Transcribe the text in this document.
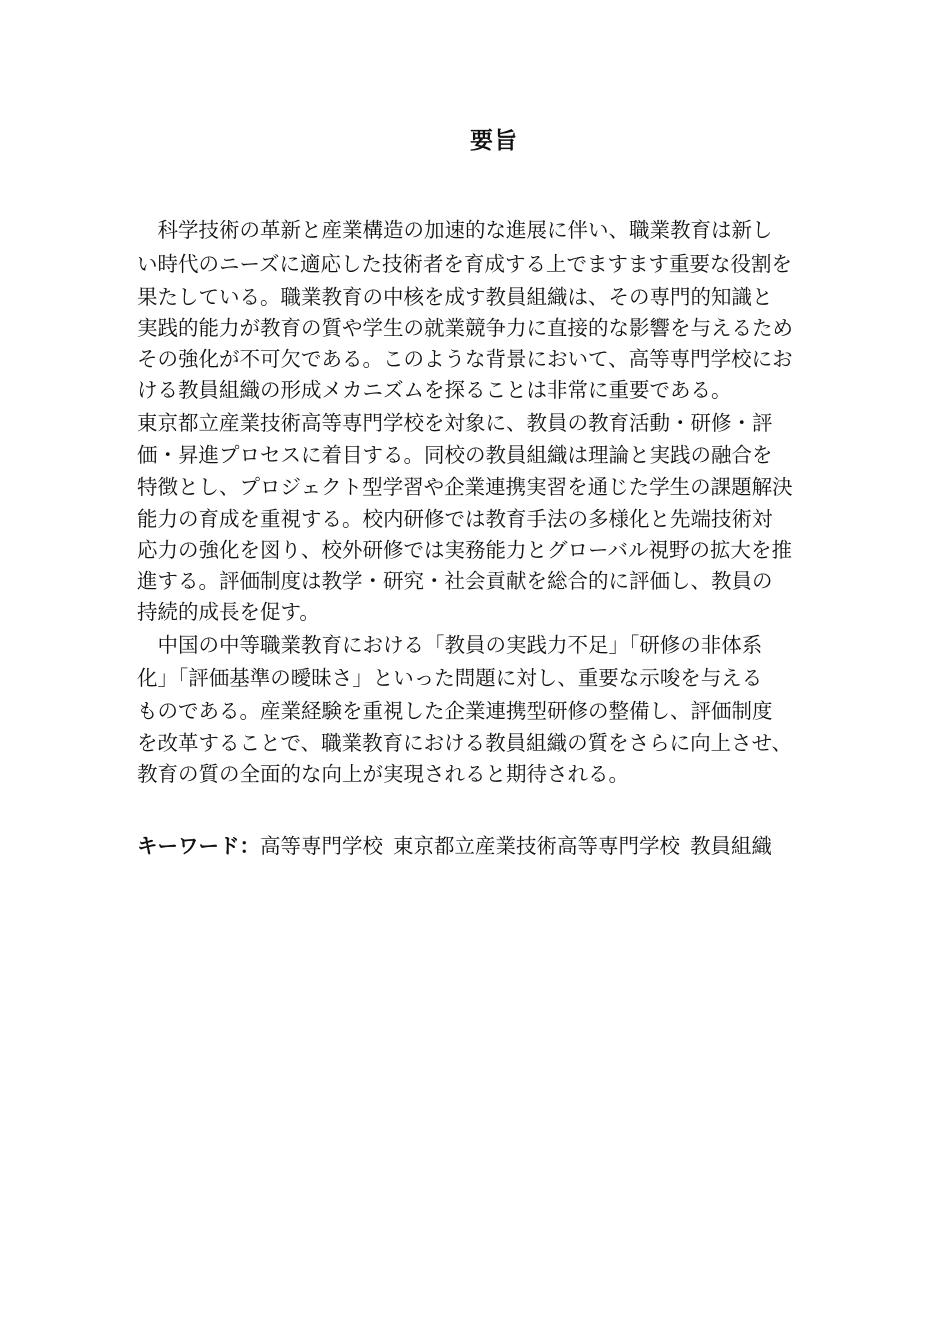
要旨
　科学技術の革新と産業構造の加速的な進展に伴い、職業教育は新し
い時代のニーズに適応した技術者を育成する上でますます重要な役割を
果たしている。職業教育の中核を成す教員組織は、その専門的知識と
実践的能力が教育の質や学生の就業競争力に直接的な影響を与えるため
その強化が不可欠である。このような背景において、高等専門学校にお
ける教員組織の形成メカニズムを探ることは非常に重要である。
東京都立産業技術高等専門学校を対象に、教員の教育活動・研修・評
価・昇進プロセスに着目する。同校の教員組織は理論と実践の融合を
特徴とし、プロジェクト型学習や企業連携実習を通じた学生の課題解決
能力の育成を重視する。校内研修では教育手法の多様化と先端技術対
応力の強化を図り、校外研修では実務能力とグローバル視野の拡大を推
進する。評価制度は教学・研究・社会貢献を総合的に評価し、教員の
持続的成長を促す。
　中国の中等職業教育における「教員の実践力不足」「研修の非体系
化」「評価基準の曖昧さ」といった問題に対し、重要な示唆を与える
ものである。産業経験を重視した企業連携型研修の整備し、評価制度
を改革することで、職業教育における教員組織の質をさらに向上させ、
教育の質の全面的な向上が実現されると期待される。
キーワード：高等専門学校 東京都立産業技術高等専門学校 教員組織
